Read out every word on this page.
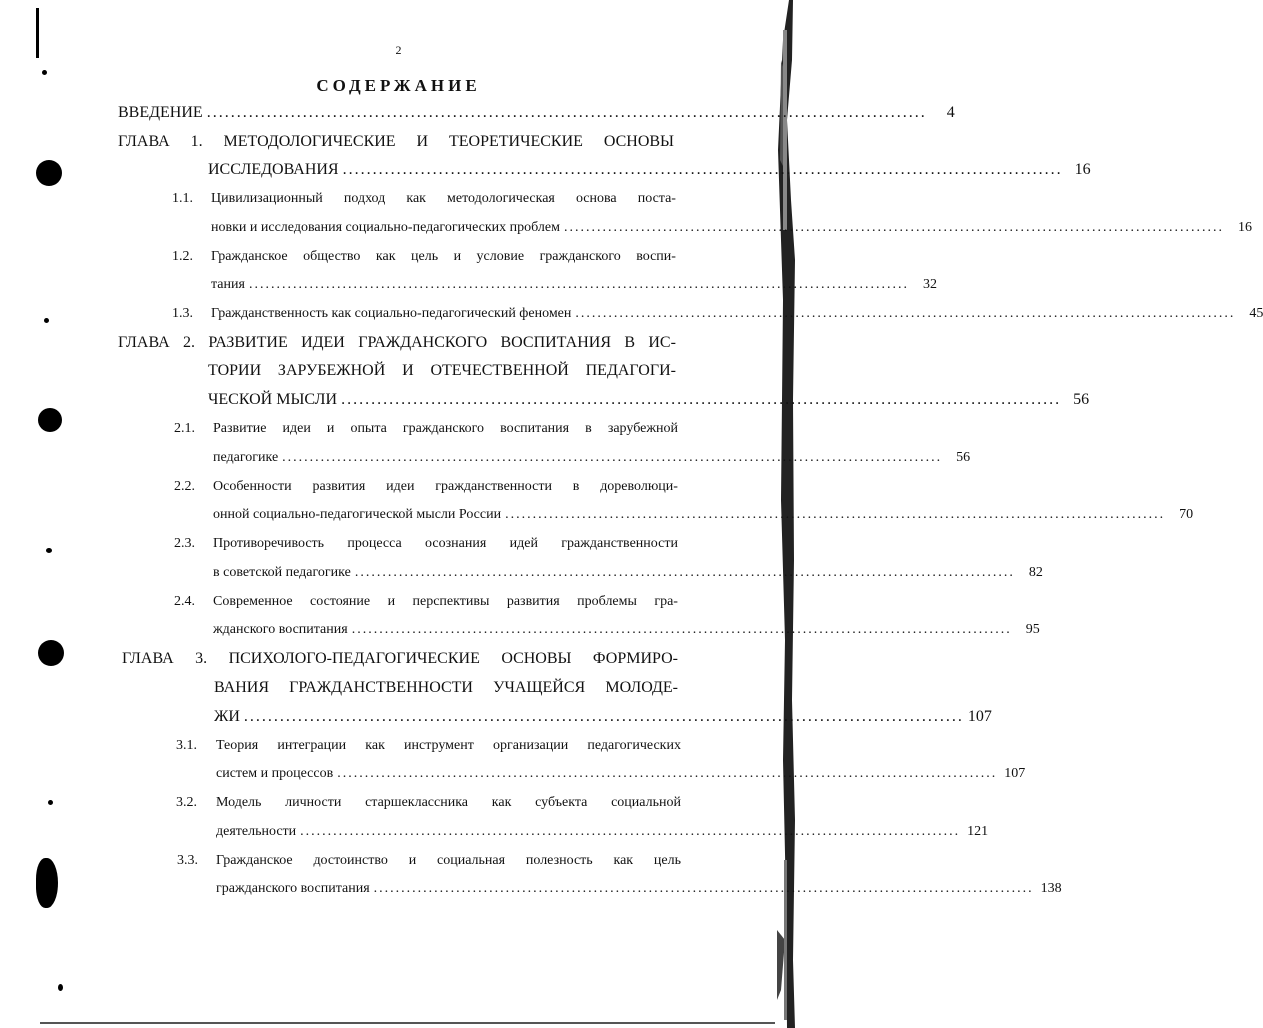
2
СОДЕРЖАНИЕ
ВВЕДЕНИЕ ........................................................................................................................	4
ГЛАВА 1. МЕТОДОЛОГИЧЕСКИЕ И ТЕОРЕТИЧЕСКИЕ ОСНОВЫ
ИССЛЕДОВАНИЯ ........................................................................................................................ 16
1.1. Цивилизационный подход как методологическая основа поста-
новки и исследования социально-педагогических проблем ........................................................................................................................	16
1.2. Гражданское общество как цель и условие гражданского воспи-
тания ........................................................................................................................	32
1.3. Гражданственность как социально-педагогический феномен ........................................................................................................................	45
ГЛАВА 2. РАЗВИТИЕ ИДЕИ ГРАЖДАНСКОГО ВОСПИТАНИЯ В ИС-
ТОРИИ ЗАРУБЕЖНОЙ И ОТЕЧЕСТВЕННОЙ ПЕДАГОГИ-
ЧЕСКОЙ МЫСЛИ ........................................................................................................................ 56
2.1. Развитие идеи и опыта гражданского воспитания в зарубежной
педагогике ........................................................................................................................	56
2.2. Особенности развития идеи гражданственности в дореволюци-
онной социально-педагогической мысли России ........................................................................................................................	70
2.3. Противоречивость процесса осознания идей гражданственности
в советской педагогике ........................................................................................................................	82
2.4. Современное состояние и перспективы развития проблемы гра-
жданского воспитания ........................................................................................................................	95
ГЛАВА 3. ПСИХОЛОГО-ПЕДАГОГИЧЕСКИЕ ОСНОВЫ ФОРМИРО-
ВАНИЯ ГРАЖДАНСТВЕННОСТИ УЧАЩЕЙСЯ МОЛОДЕ-
ЖИ ........................................................................................................................ 107
3.1. Теория интеграции как инструмент организации педагогических
систем и процессов ........................................................................................................................ 107
3.2. Модель личности старшеклассника как субъекта социальной
деятельности ........................................................................................................................ 121
3.3. Гражданское достоинство и социальная полезность как цель
гражданского воспитания ........................................................................................................................ 138
